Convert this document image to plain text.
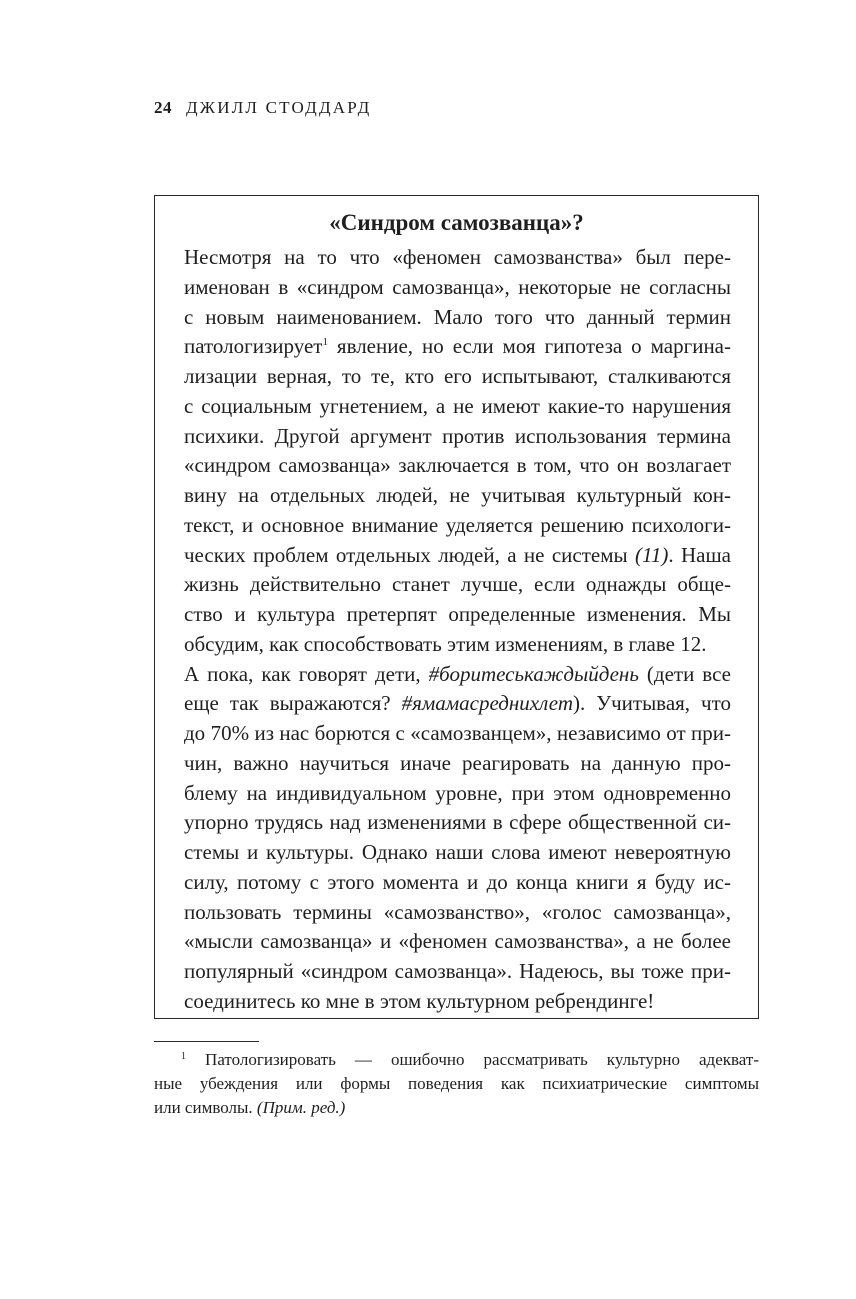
24 ДЖИЛЛ СТОДДАРД
«Синдром самозванца»?
Несмотря на то что «феномен самозванства» был пере-
именован в «синдром самозванца», некоторые не согласны
с новым наименованием. Мало того что данный термин
патологизирует$^1$ явление, но если моя гипотеза о маргина-
лизации верная, то те, кто его испытывают, сталкиваются
с социальным угнетением, а не имеют какие-то нарушения
психики. Другой аргумент против использования термина
«синдром самозванца» заключается в том, что он возлагает
вину на отдельных людей, не учитывая культурный кон-
текст, и основное внимание уделяется решению психологи-
ческих проблем отдельных людей, а не системы (11). Наша
жизнь действительно станет лучше, если однажды обще-
ство и культура претерпят определенные изменения. Мы
обсудим, как способствовать этим изменениям, в главе 12.
А пока, как говорят дети, #боритеськаждыйдень (дети все
еще так выражаются? #ямамасреднихлет). Учитывая, что
до 70% из нас борются с «самозванцем», независимо от при-
чин, важно научиться иначе реагировать на данную про-
блему на индивидуальном уровне, при этом одновременно
упорно трудясь над изменениями в сфере общественной си-
стемы и культуры. Однако наши слова имеют невероятную
силу, потому с этого момента и до конца книги я буду ис-
пользовать термины «самозванство», «голос самозванца»,
«мысли самозванца» и «феномен самозванства», а не более
популярный «синдром самозванца». Надеюсь, вы тоже при-
соединитесь ко мне в этом культурном ребрендинге!
$^1$ Патологизировать — ошибочно рассматривать культурно адекват-
ные убеждения или формы поведения как психиатрические симптомы
или символы. (Прим. ред.)
